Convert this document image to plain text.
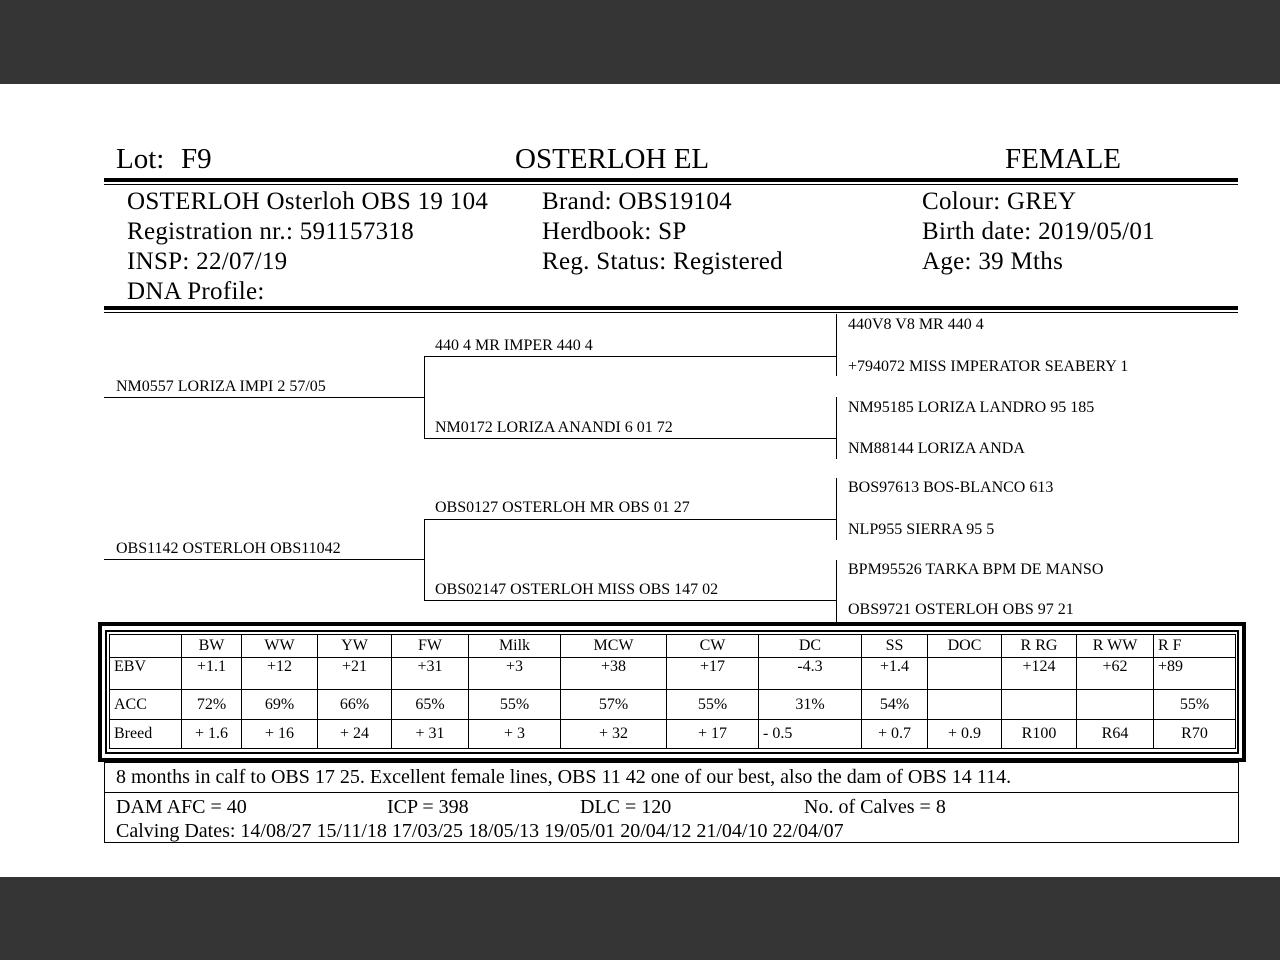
Lot: F9	OSTERLOH EL	FEMALE
OSTERLOH Osterloh OBS 19 104
Registration nr.: 591157318
INSP: 22/07/19
DNA Profile:
Brand: OBS19104
Herdbook: SP
Reg. Status: Registered
Colour: GREY
Birth date: 2019/05/01
Age: 39 Mths
NM0557 LORIZA IMPI 2 57/05
OBS1142 OSTERLOH OBS11042
440 4 MR IMPER 440 4
NM0172 LORIZA ANANDI 6 01 72
OBS0127 OSTERLOH MR OBS 01 27
OBS02147 OSTERLOH MISS OBS 147 02
440V8 V8 MR 440 4
+794072 MISS IMPERATOR SEABERY 1
NM95185 LORIZA LANDRO 95 185
NM88144 LORIZA ANDA
BOS97613 BOS-BLANCO 613
NLP955 SIERRA 95 5
BPM95526 TARKA BPM DE MANSO
OBS9721 OSTERLOH OBS 97 21
	BW	WW	YW	FW	Milk	MCW	CW	DC	SS	DOC	R RG	R WW	R F
EBV	+1.1	+12	+21	+31	+3	+38	+17	-4.3	+1.4		+124	+62	+89
ACC	72%	69%	66%	65%	55%	57%	55%	31%	54%				55%
Breed	+ 1.6	+ 16	+ 24	+ 31	+ 3	+ 32	+ 17	- 0.5	+ 0.7	+ 0.9	R100	R64	R70
8 months in calf to OBS 17 25. Excellent female lines, OBS 11 42 one of our best, also the dam of OBS 14 114.
DAM AFC = 40	ICP = 398	DLC = 120	No. of Calves = 8
Calving Dates: 14/08/27 15/11/18 17/03/25 18/05/13 19/05/01 20/04/12 21/04/10 22/04/07
